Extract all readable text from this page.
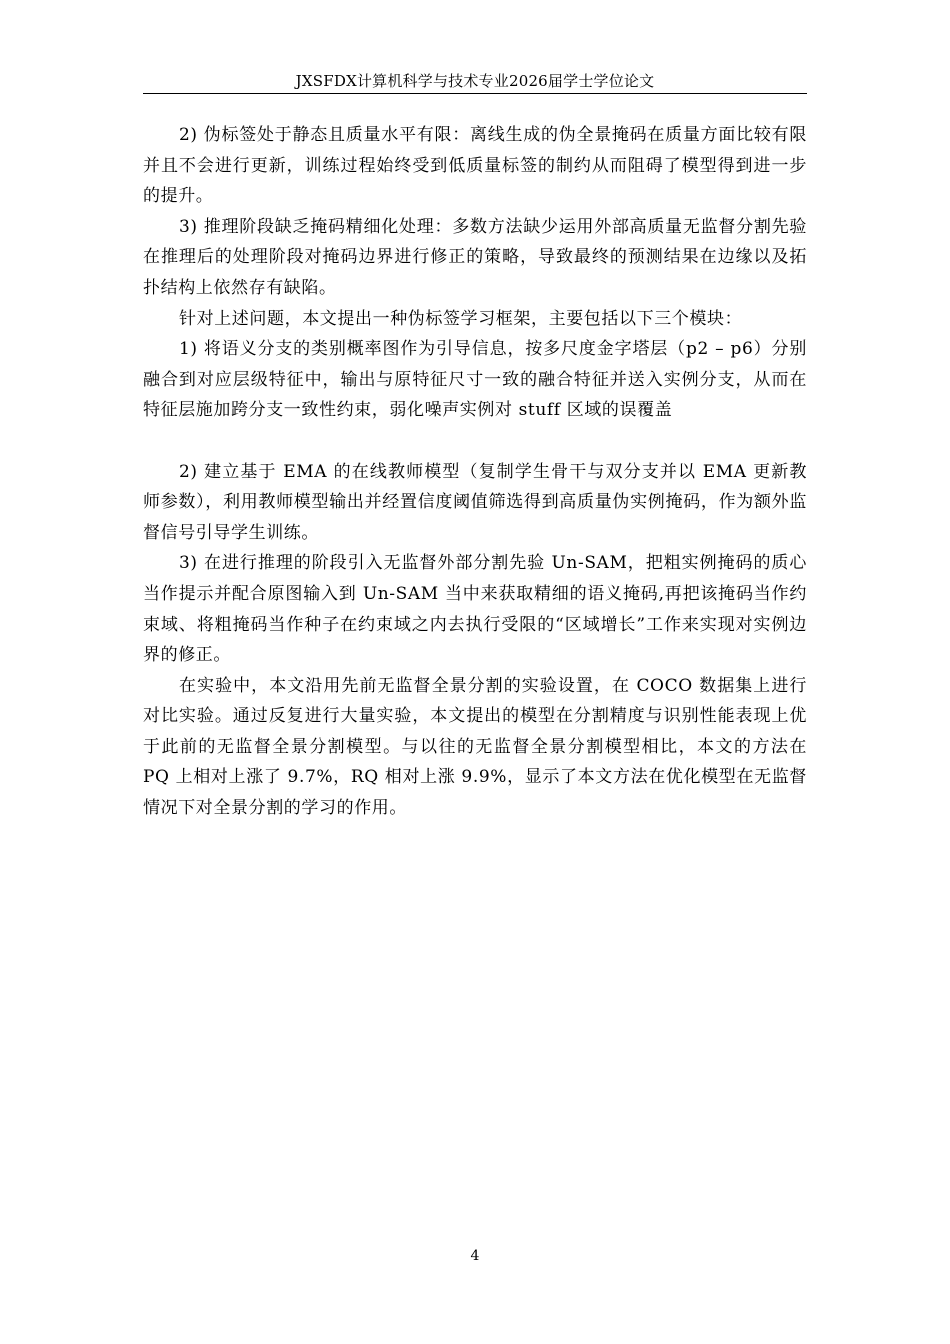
JXSFDX计算机科学与技术专业2026届学士学位论文

2) 伪标签处于静态且质量水平有限：离线生成的伪全景掩码在质量方面比较有限并且不会进行更新，训练过程始终受到低质量标签的制约从而阻碍了模型得到进一步的提升。

3) 推理阶段缺乏掩码精细化处理：多数方法缺少运用外部高质量无监督分割先验在推理后的处理阶段对掩码边界进行修正的策略，导致最终的预测结果在边缘以及拓扑结构上依然存有缺陷。

针对上述问题，本文提出一种伪标签学习框架，主要包括以下三个模块：

1) 将语义分支的类别概率图作为引导信息，按多尺度金字塔层（p2 – p6）分别融合到对应层级特征中，输出与原特征尺寸一致的融合特征并送入实例分支，从而在特征层施加跨分支一致性约束，弱化噪声实例对 stuff 区域的误覆盖

2) 建立基于 EMA 的在线教师模型（复制学生骨干与双分支并以 EMA 更新教师参数），利用教师模型输出并经置信度阈值筛选得到高质量伪实例掩码，作为额外监督信号引导学生训练。

3) 在进行推理的阶段引入无监督外部分割先验 Un-SAM，把粗实例掩码的质心当作提示并配合原图输入到 Un-SAM 当中来获取精细的语义掩码,再把该掩码当作约束域、将粗掩码当作种子在约束域之内去执行受限的“区域增长”工作来实现对实例边界的修正。

在实验中，本文沿用先前无监督全景分割的实验设置，在 COCO 数据集上进行对比实验。通过反复进行大量实验，本文提出的模型在分割精度与识别性能表现上优于此前的无监督全景分割模型。与以往的无监督全景分割模型相比，本文的方法在 PQ 上相对上涨了 9.7%，RQ 相对上涨 9.9%，显示了本文方法在优化模型在无监督情况下对全景分割的学习的作用。

4
